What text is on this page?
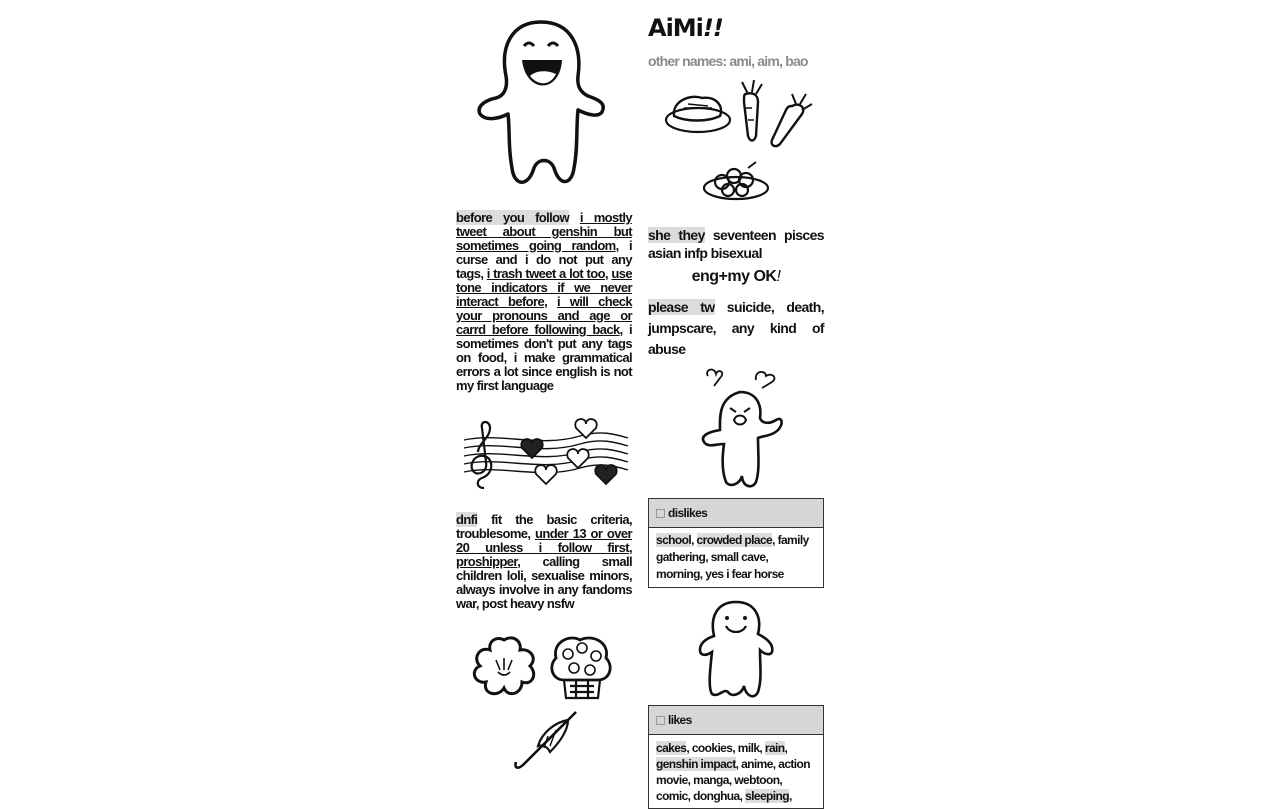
before you follow i mostly tweet about genshin but sometimes going random, i curse and i do not put any tags, i trash tweet a lot too, use tone indicators if we never interact before, i will check your pronouns and age or carrd before following back, i sometimes don't put any tags on food, i make grammatical errors a lot since english is not my first language

dnfi fit the basic criteria, troublesome, under 13 or over 20 unless i follow first, proshipper, calling small children loli, sexualise minors, always involve in any fandoms war, post heavy nsfw

AiMi!!

other names: ami, aim, bao

she they seventeen pisces asian infp bisexual

eng+my OK!

please tw suicide, death, jumpscare, any kind of abuse

dislikes
school, crowded place, family gathering, small cave, morning, yes i fear horse
likes
cakes, cookies, milk, rain, genshin impact, anime, action movie, manga, webtoon, comic, donghua, sleeping,
